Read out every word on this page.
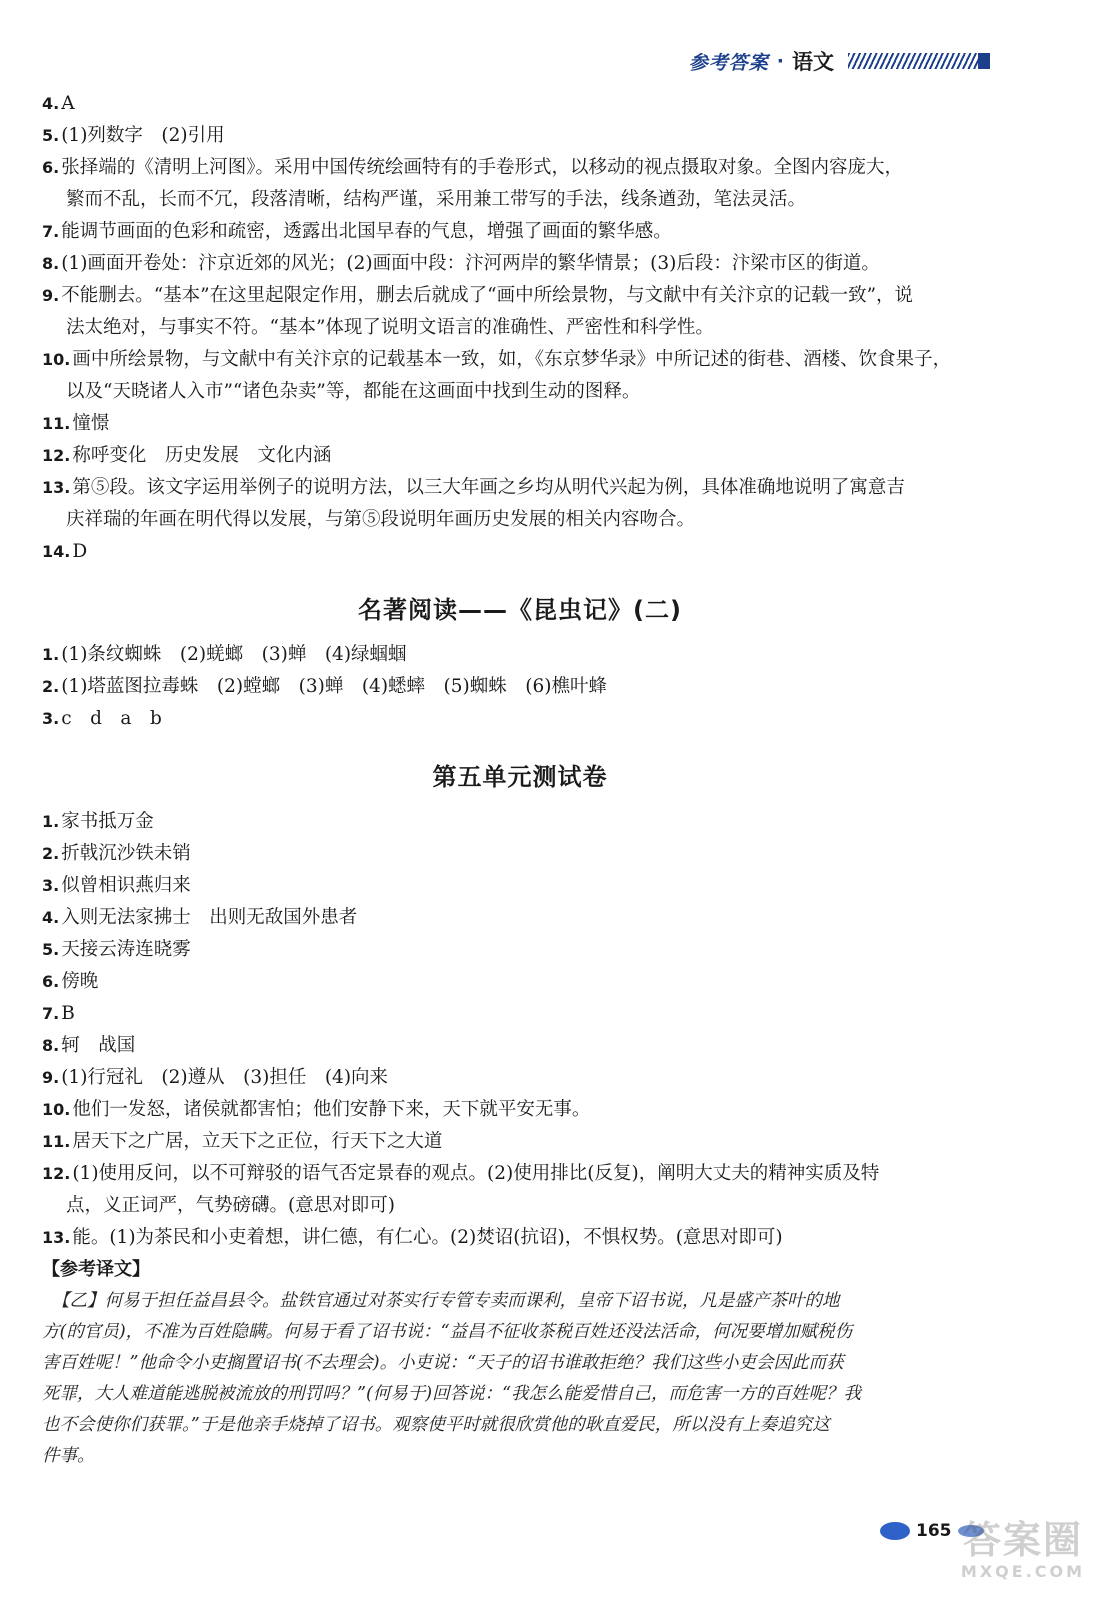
参考答案 · 语文

4. A

5. (1)列数字　(2)引用

6. 张择端的《清明上河图》。采用中国传统绘画特有的手卷形式，以移动的视点摄取对象。全图内容庞大，

繁而不乱，长而不冗，段落清晰，结构严谨，采用兼工带写的手法，线条遒劲，笔法灵活。

7. 能调节画面的色彩和疏密，透露出北国早春的气息，增强了画面的繁华感。

8. (1)画面开卷处：汴京近郊的风光；(2)画面中段：汴河两岸的繁华情景；(3)后段：汴梁市区的街道。

9. 不能删去。“基本”在这里起限定作用，删去后就成了“画中所绘景物，与文献中有关汴京的记载一致”，说

法太绝对，与事实不符。“基本”体现了说明文语言的准确性、严密性和科学性。

10. 画中所绘景物，与文献中有关汴京的记载基本一致，如，《东京梦华录》中所记述的街巷、酒楼、饮食果子，

以及“天晓诸人入市”“诸色杂卖”等，都能在这画面中找到生动的图释。

11. 憧憬

12. 称呼变化　历史发展　文化内涵

13. 第⑤段。该文字运用举例子的说明方法，以三大年画之乡均从明代兴起为例，具体准确地说明了寓意吉

庆祥瑞的年画在明代得以发展，与第⑤段说明年画历史发展的相关内容吻合。

14. D

名著阅读——《昆虫记》(二)

1. (1)条纹蜘蛛　(2)蜣螂　(3)蝉　(4)绿蝈蝈

2. (1)塔蓝图拉毒蛛　(2)螳螂　(3)蝉　(4)蟋蟀　(5)蜘蛛　(6)樵叶蜂

3. c　d　a　b

第五单元测试卷

1. 家书抵万金

2. 折戟沉沙铁未销

3. 似曾相识燕归来

4. 入则无法家拂士　出则无敌国外患者

5. 天接云涛连晓雾

6. 傍晚

7. B

8. 轲　战国

9. (1)行冠礼　(2)遵从　(3)担任　(4)向来

10. 他们一发怒，诸侯就都害怕；他们安静下来，天下就平安无事。

11. 居天下之广居，立天下之正位，行天下之大道

12. (1)使用反问，以不可辩驳的语气否定景春的观点。(2)使用排比(反复)，阐明大丈夫的精神实质及特

点，义正词严，气势磅礴。(意思对即可)

13. 能。(1)为茶民和小吏着想，讲仁德，有仁心。(2)焚诏(抗诏)，不惧权势。(意思对即可)

【参考译文】

【乙】何易于担任益昌县令。盐铁官通过对茶实行专管专卖而课利，皇帝下诏书说，凡是盛产茶叶的地

方(的官员)，不准为百姓隐瞒。何易于看了诏书说：“益昌不征收茶税百姓还没法活命，何况要增加赋税伤

害百姓呢！”他命令小吏搁置诏书(不去理会)。小吏说：“天子的诏书谁敢拒绝？我们这些小吏会因此而获

死罪，大人难道能逃脱被流放的刑罚吗？”(何易于)回答说：“我怎么能爱惜自己，而危害一方的百姓呢？我

也不会使你们获罪。”于是他亲手烧掉了诏书。观察使平时就很欣赏他的耿直爱民，所以没有上奏追究这

件事。

165 答案圈
MXQE.COM
